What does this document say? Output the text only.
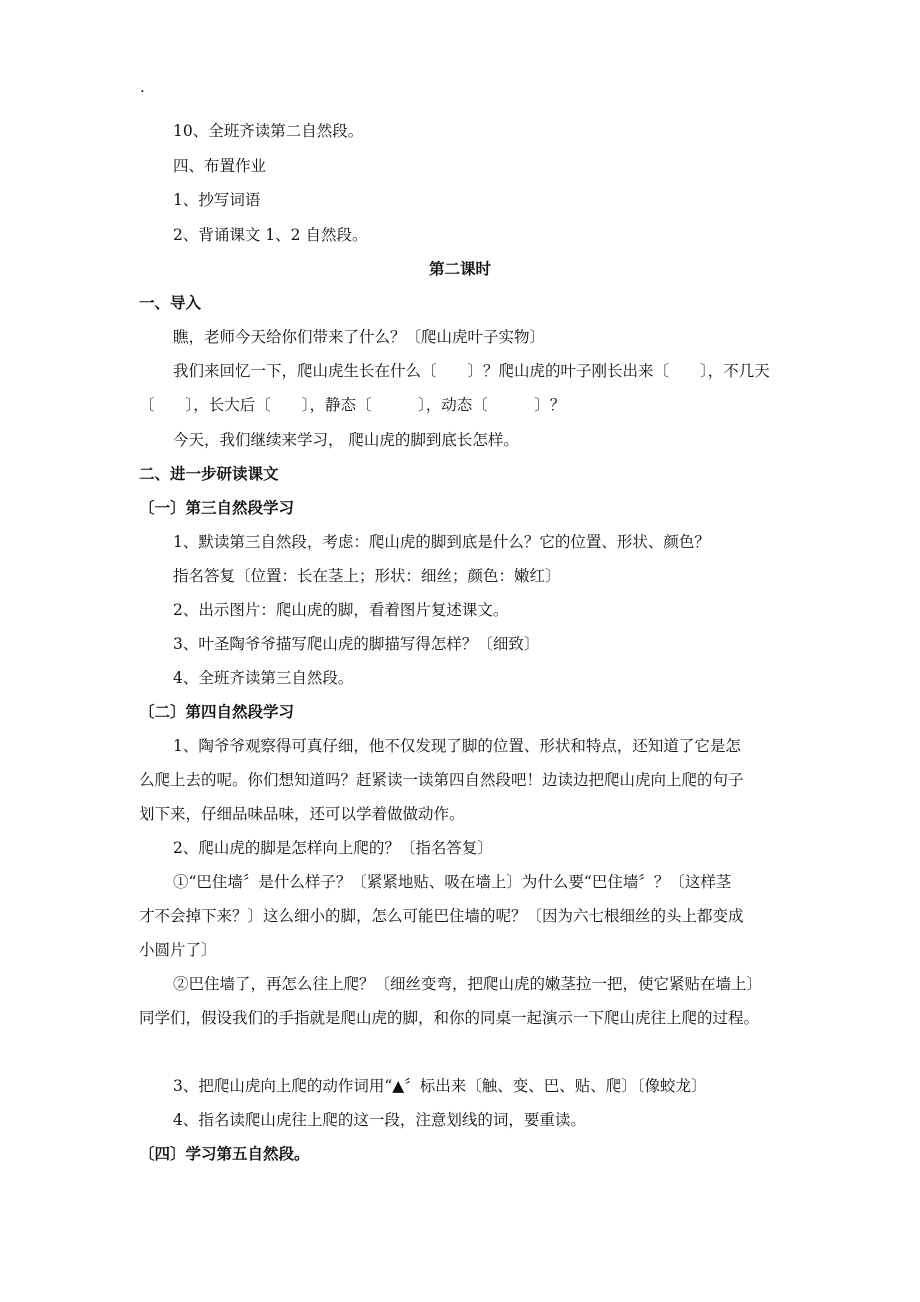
.
10、全班齐读第二自然段。
四、布置作业
1、抄写词语
2、背诵课文 1、2 自然段。
第二课时
一、导入
瞧，老师今天给你们带来了什么？〔爬山虎叶子实物〕
我们来回忆一下，爬山虎生长在什么〔　　〕？爬山虎的叶子刚长出来〔　　〕，不几天
〔　　〕，长大后〔　　〕，静态〔　　　〕，动态〔　　　〕？
今天，我们继续来学习， 爬山虎的脚到底长怎样。
二、进一步研读课文
〔一〕第三自然段学习
1、默读第三自然段，考虑：爬山虎的脚到底是什么？它的位置、形状、颜色？
指名答复〔位置：长在茎上；形状：细丝；颜色：嫩红〕
2、出示图片：爬山虎的脚，看着图片复述课文。
3、叶圣陶爷爷描写爬山虎的脚描写得怎样？〔细致〕
4、全班齐读第三自然段。
〔二〕第四自然段学习
1、陶爷爷观察得可真仔细，他不仅发现了脚的位置、形状和特点，还知道了它是怎
么爬上去的呢。你们想知道吗？赶紧读一读第四自然段吧！边读边把爬山虎向上爬的句子
划下来，仔细品味品味，还可以学着做做动作。
2、爬山虎的脚是怎样向上爬的？〔指名答复〕
①“巴住墙〞是什么样子？〔紧紧地贴、吸在墙上〕为什么要“巴住墙〞？〔这样茎
才不会掉下来？〕这么细小的脚，怎么可能巴住墙的呢？〔因为六七根细丝的头上都变成
小圆片了〕
②巴住墙了，再怎么往上爬？〔细丝变弯，把爬山虎的嫩茎拉一把，使它紧贴在墙上〕
同学们，假设我们的手指就是爬山虎的脚，和你的同桌一起演示一下爬山虎往上爬的过程。
3、把爬山虎向上爬的动作词用“▲〞标出来〔触、变、巴、贴、爬〕〔像蛟龙〕
4、指名读爬山虎往上爬的这一段，注意划线的词，要重读。
〔四〕学习第五自然段。
